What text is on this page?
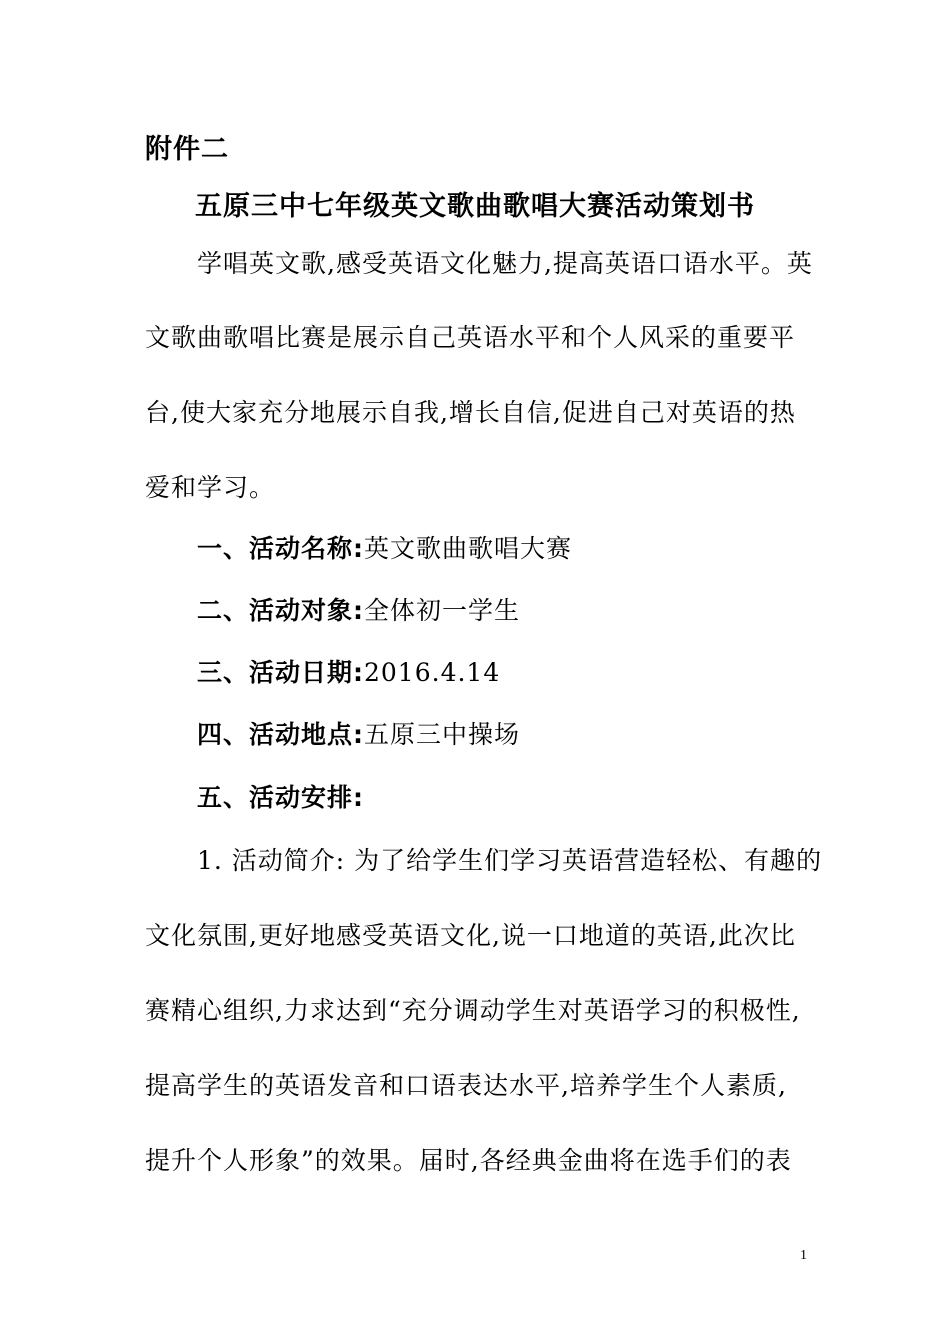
附件二
五原三中七年级英文歌曲歌唱大赛活动策划书
学唱英文歌,感受英语文化魅力,提高英语口语水平。英
文歌曲歌唱比赛是展示自己英语水平和个人风采的重要平
台,使大家充分地展示自我,增长自信,促进自己对英语的热
爱和学习。
一、活动名称:英文歌曲歌唱大赛
二、活动对象:全体初一学生
三、活动日期:2016.4.14
四、活动地点:五原三中操场
五、活动安排:
1. 活动简介: 为了给学生们学习英语营造轻松、有趣的
文化氛围,更好地感受英语文化,说一口地道的英语,此次比
赛精心组织,力求达到“充分调动学生对英语学习的积极性,
提高学生的英语发音和口语表达水平,培养学生个人素质,
提升个人形象”的效果。届时,各经典金曲将在选手们的表
1
